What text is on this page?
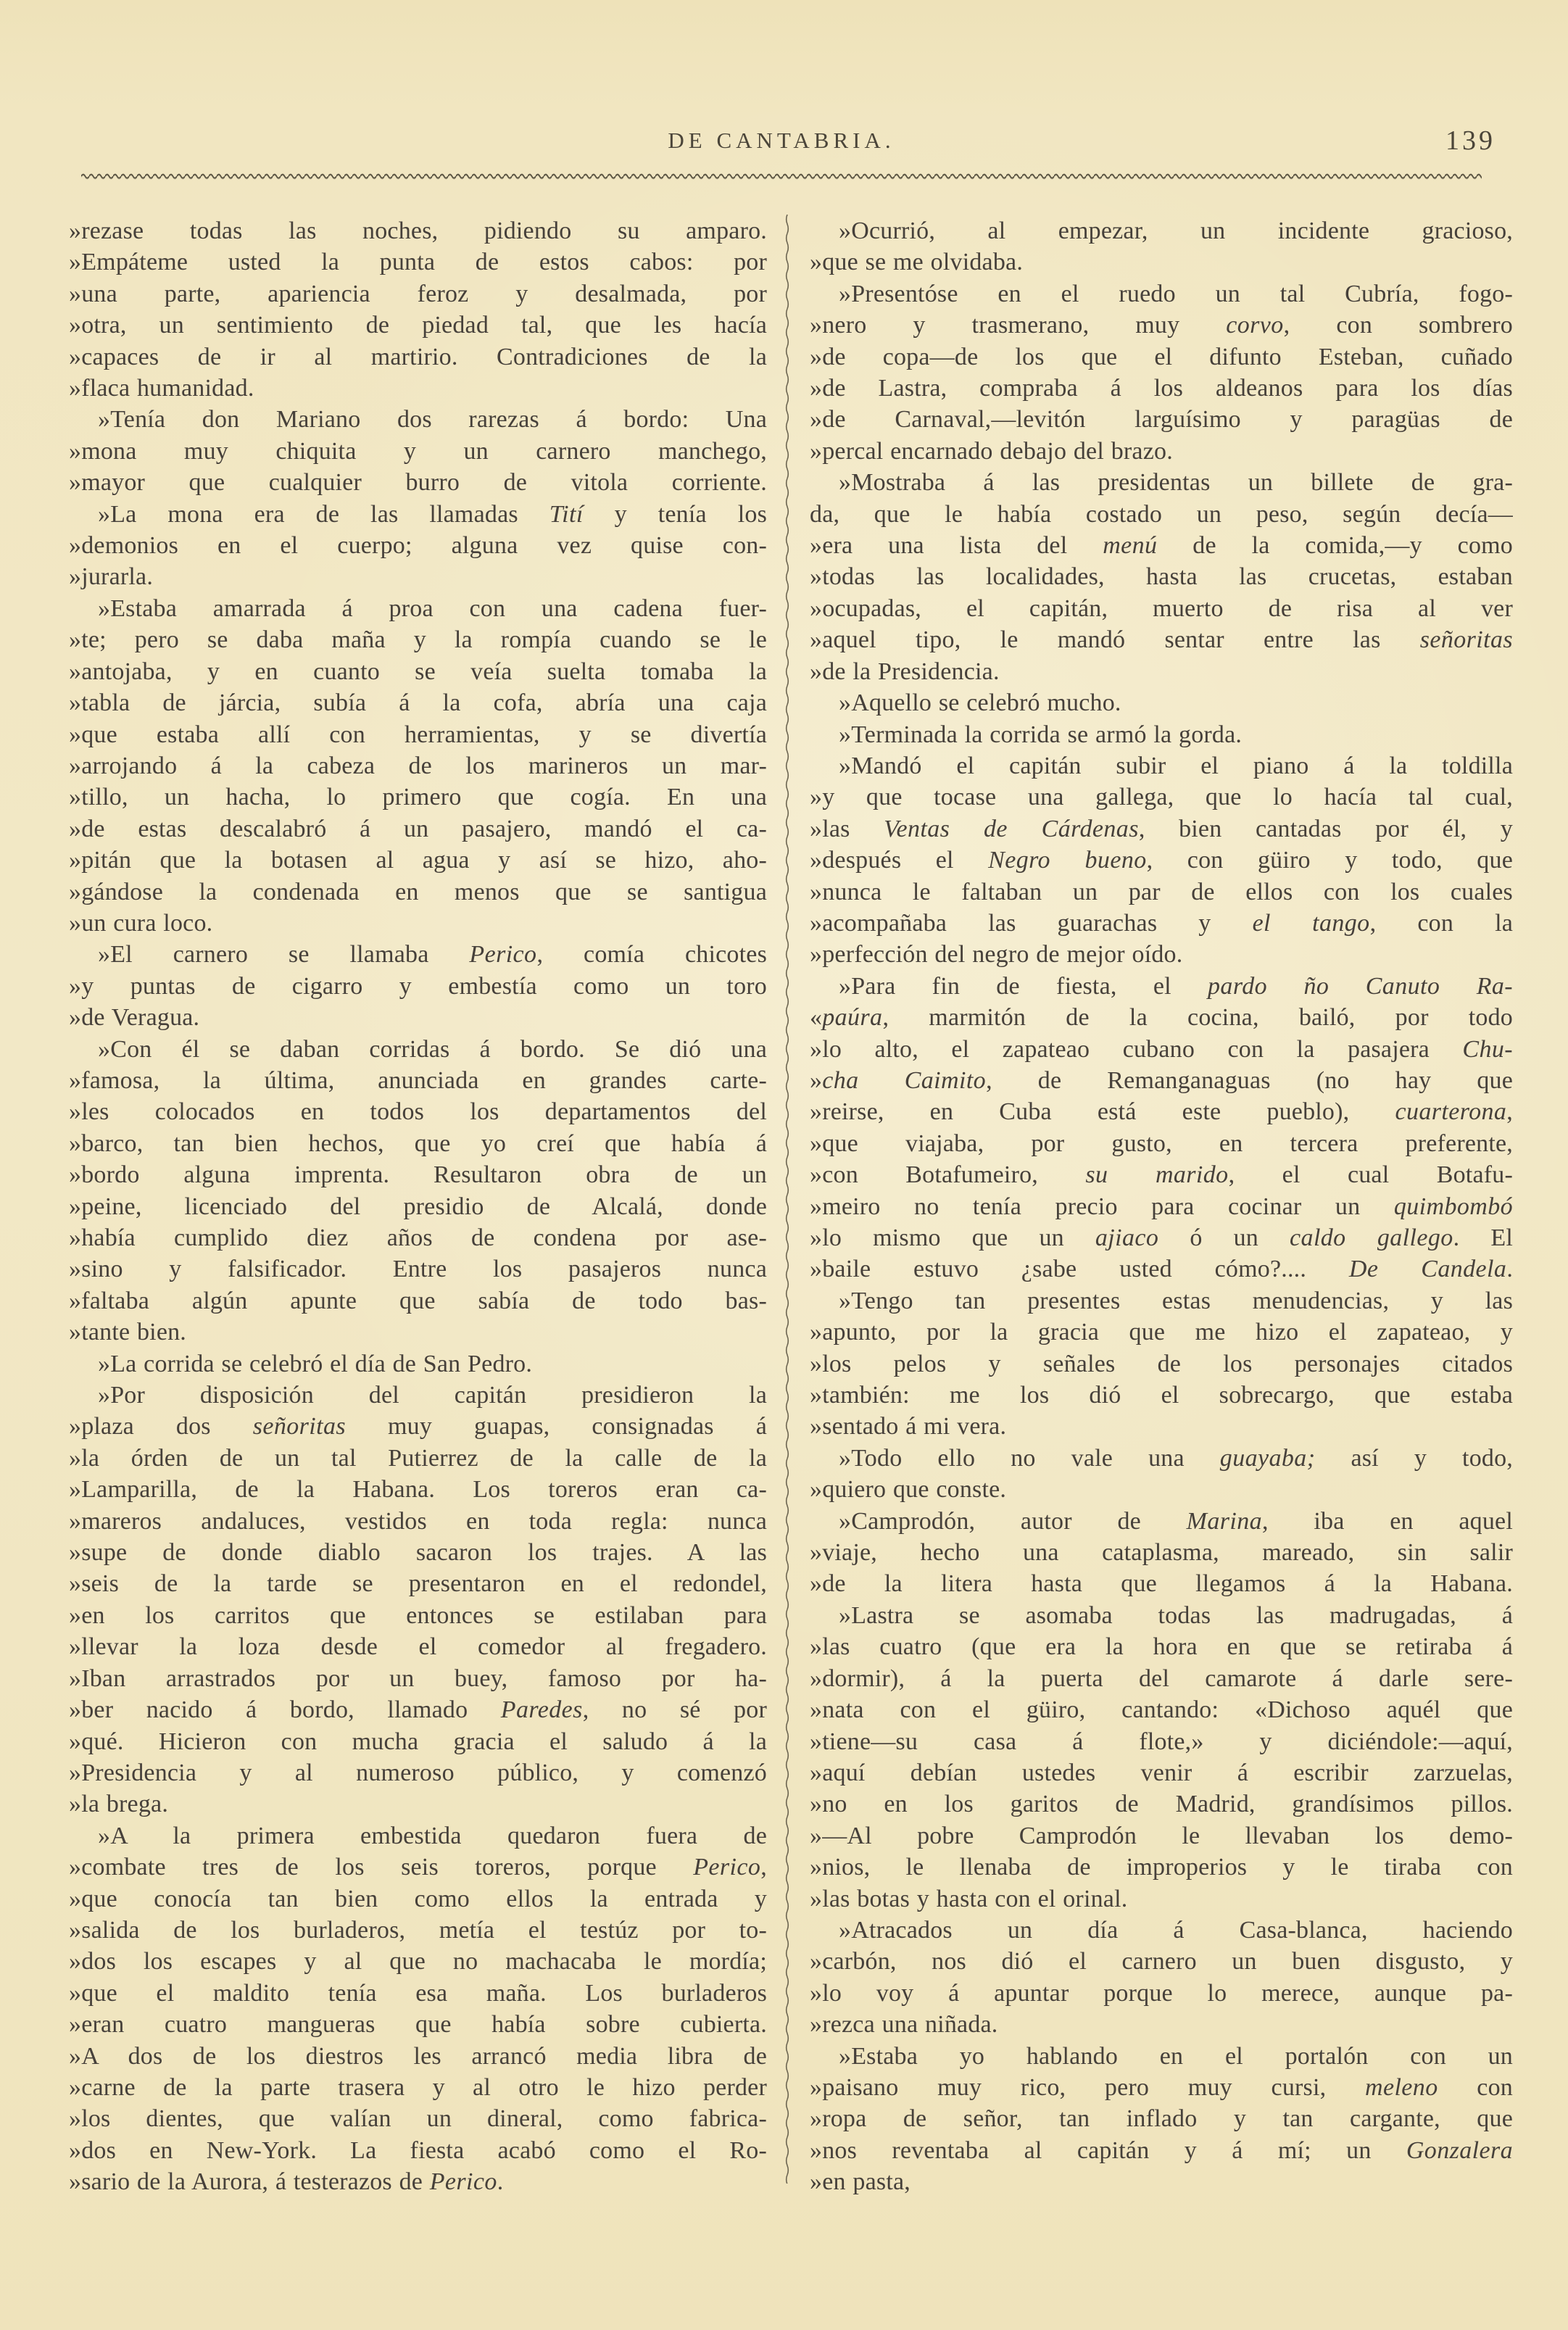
DE CANTABRIA.	139
»rezase todas las noches, pidiendo su amparo.
»Empáteme usted la punta de estos cabos: por
»una parte, apariencia feroz y desalmada, por
»otra, un sentimiento de piedad tal, que les hacía
»capaces de ir al martirio. Contradiciones de la
»flaca humanidad.
»Tenía don Mariano dos rarezas á bordo: Una
»mona muy chiquita y un carnero manchego,
»mayor que cualquier burro de vitola corriente.
»La mona era de las llamadas Tití y tenía los
»demonios en el cuerpo; alguna vez quise con-
»jurarla.
»Estaba amarrada á proa con una cadena fuer-
»te; pero se daba maña y la rompía cuando se le
»antojaba, y en cuanto se veía suelta tomaba la
»tabla de járcia, subía á la cofa, abría una caja
»que estaba allí con herramientas, y se divertía
»arrojando á la cabeza de los marineros un mar-
»tillo, un hacha, lo primero que cogía. En una
»de estas descalabró á un pasajero, mandó el ca-
»pitán que la botasen al agua y así se hizo, aho-
»gándose la condenada en menos que se santigua
»un cura loco.
»El carnero se llamaba Perico, comía chicotes
»y puntas de cigarro y embestía como un toro
»de Veragua.
»Con él se daban corridas á bordo. Se dió una
»famosa, la última, anunciada en grandes carte-
»les colocados en todos los departamentos del
»barco, tan bien hechos, que yo creí que había á
»bordo alguna imprenta. Resultaron obra de un
»peine, licenciado del presidio de Alcalá, donde
»había cumplido diez años de condena por ase-
»sino y falsificador. Entre los pasajeros nunca
»faltaba algún apunte que sabía de todo bas-
»tante bien.
»La corrida se celebró el día de San Pedro.
»Por disposición del capitán presidieron la
»plaza dos señoritas muy guapas, consignadas á
»la órden de un tal Putierrez de la calle de la
»Lamparilla, de la Habana. Los toreros eran ca-
»mareros andaluces, vestidos en toda regla: nunca
»supe de donde diablo sacaron los trajes. A las
»seis de la tarde se presentaron en el redondel,
»en los carritos que entonces se estilaban para
»llevar la loza desde el comedor al fregadero.
»Iban arrastrados por un buey, famoso por ha-
»ber nacido á bordo, llamado Paredes, no sé por
»qué. Hicieron con mucha gracia el saludo á la
»Presidencia y al numeroso público, y comenzó
»la brega.
»A la primera embestida quedaron fuera de
»combate tres de los seis toreros, porque Perico,
»que conocía tan bien como ellos la entrada y
»salida de los burladeros, metía el testúz por to-
»dos los escapes y al que no machacaba le mordía;
»que el maldito tenía esa maña. Los burladeros
»eran cuatro mangueras que había sobre cubierta.
»A dos de los diestros les arrancó media libra de
»carne de la parte trasera y al otro le hizo perder
»los dientes, que valían un dineral, como fabrica-
»dos en New-York. La fiesta acabó como el Ro-
»sario de la Aurora, á testerazos de Perico.
»Ocurrió, al empezar, un incidente gracioso,
»que se me olvidaba.
»Presentóse en el ruedo un tal Cubría, fogo-
»nero y trasmerano, muy corvo, con sombrero
»de copa—de los que el difunto Esteban, cuñado
»de Lastra, compraba á los aldeanos para los días
»de Carnaval,—levitón larguísimo y paragüas de
»percal encarnado debajo del brazo.
»Mostraba á las presidentas un billete de gra-
da, que le había costado un peso, según decía—
»era una lista del menú de la comida,—y como
»todas las localidades, hasta las crucetas, estaban
»ocupadas, el capitán, muerto de risa al ver
»aquel tipo, le mandó sentar entre las señoritas
»de la Presidencia.
»Aquello se celebró mucho.
»Terminada la corrida se armó la gorda.
»Mandó el capitán subir el piano á la toldilla
»y que tocase una gallega, que lo hacía tal cual,
»las Ventas de Cárdenas, bien cantadas por él, y
»después el Negro bueno, con güiro y todo, que
»nunca le faltaban un par de ellos con los cuales
»acompañaba las guarachas y el tango, con la
»perfección del negro de mejor oído.
»Para fin de fiesta, el pardo ño Canuto Ra-
«paúra, marmitón de la cocina, bailó, por todo
»lo alto, el zapateao cubano con la pasajera Chu-
»cha Caimito, de Remanganaguas (no hay que
»reirse, en Cuba está este pueblo), cuarterona,
»que viajaba, por gusto, en tercera preferente,
»con Botafumeiro, su marido, el cual Botafu-
»meiro no tenía precio para cocinar un quimbombó
»lo mismo que un ajiaco ó un caldo gallego. El
»baile estuvo ¿sabe usted cómo?.... De Candela.
»Tengo tan presentes estas menudencias, y las
»apunto, por la gracia que me hizo el zapateao, y
»los pelos y señales de los personajes citados
»también: me los dió el sobrecargo, que estaba
»sentado á mi vera.
»Todo ello no vale una guayaba; así y todo,
»quiero que conste.
»Camprodón, autor de Marina, iba en aquel
»viaje, hecho una cataplasma, mareado, sin salir
»de la litera hasta que llegamos á la Habana.
»Lastra se asomaba todas las madrugadas, á
»las cuatro (que era la hora en que se retiraba á
»dormir), á la puerta del camarote á darle sere-
»nata con el güiro, cantando: «Dichoso aquél que
»tiene—su casa á flote,» y diciéndole:—aquí,
»aquí debían ustedes venir á escribir zarzuelas,
»no en los garitos de Madrid, grandísimos pillos.
»—Al pobre Camprodón le llevaban los demo-
»nios, le llenaba de improperios y le tiraba con
»las botas y hasta con el orinal.
»Atracados un día á Casa-blanca, haciendo
»carbón, nos dió el carnero un buen disgusto, y
»lo voy á apuntar porque lo merece, aunque pa-
»rezca una niñada.
»Estaba yo hablando en el portalón con un
»paisano muy rico, pero muy cursi, meleno con
»ropa de señor, tan inflado y tan cargante, que
»nos reventaba al capitán y á mí; un Gonzalera
»en pasta,
